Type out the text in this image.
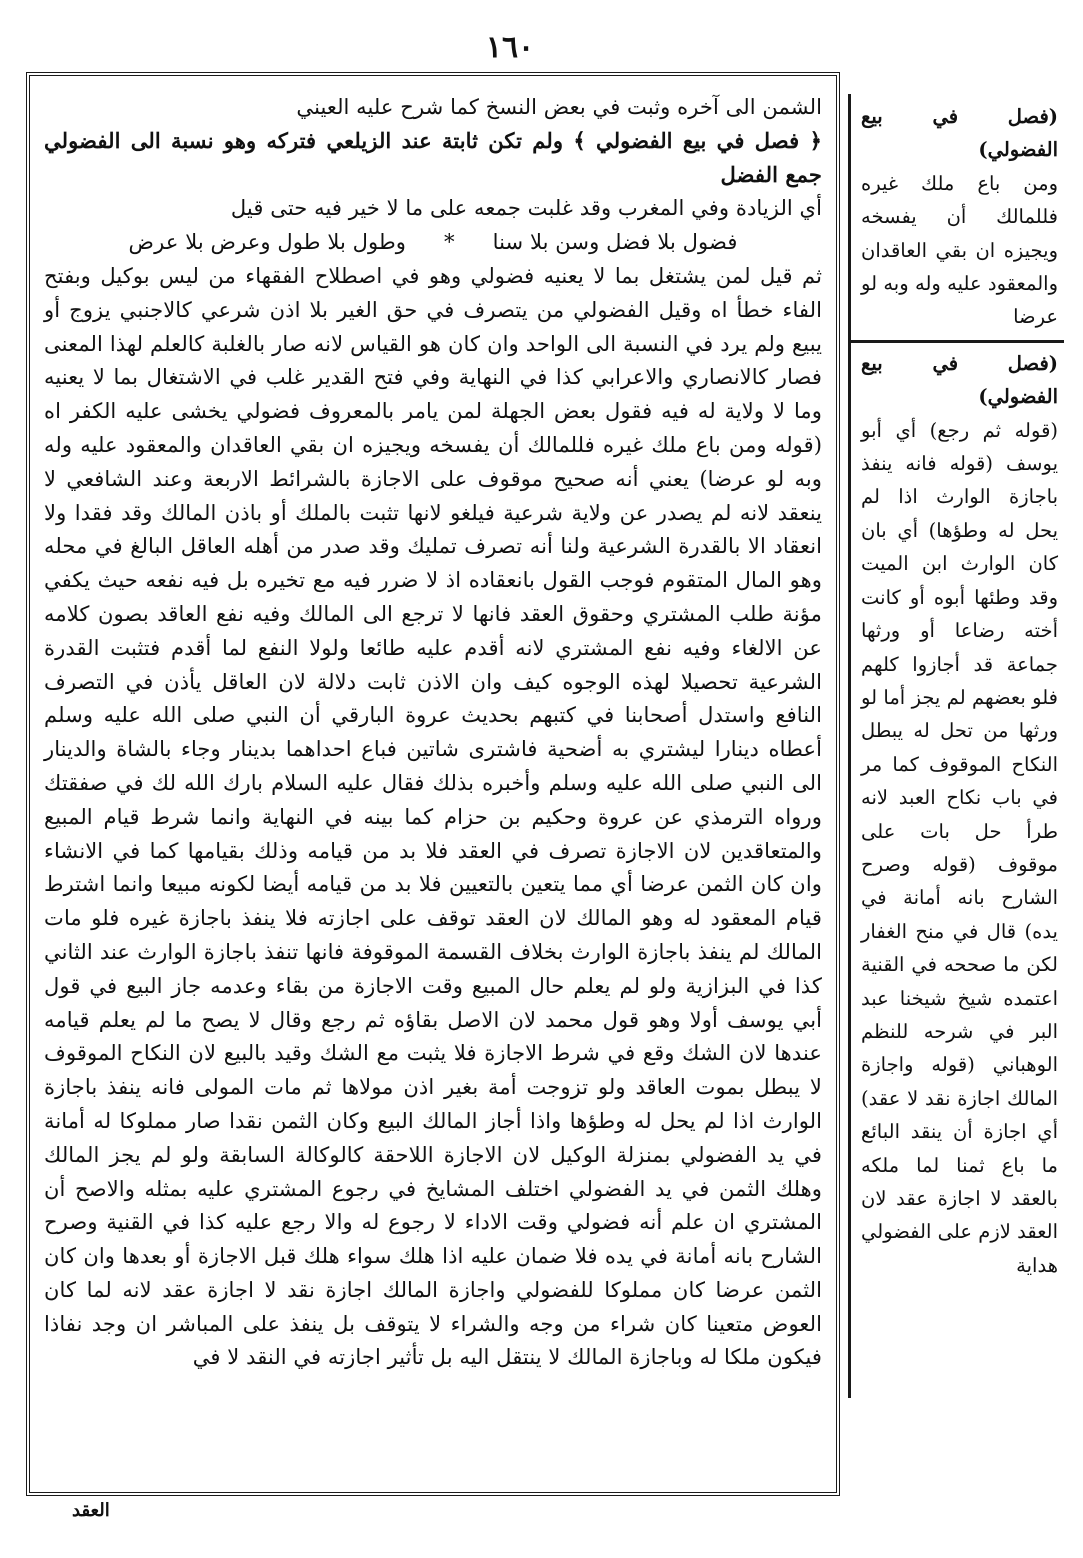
١٦٠

الشمن الى آخره وثبت في بعض النسخ كما شرح عليه العيني

﴿ فصل في بيع الفضولي ﴾ ولم تكن ثابتة عند الزيلعي فتركه وهو نسبة الى الفضولي جمع الفضل

أي الزيادة وفي المغرب وقد غلبت جمعه على ما لا خير فيه حتى قيل

فضول بلا فضل وسن بلا سنا
*
وطول بلا طول وعرض بلا عرض

ثم قيل لمن يشتغل بما لا يعنيه فضولي وهو في اصطلاح الفقهاء من ليس بوكيل وبفتح الفاء خطأ اه وقيل الفضولي من يتصرف في حق الغير بلا اذن شرعي كالاجنبي يزوج أو يبيع ولم يرد في النسبة الى الواحد وان كان هو القياس لانه صار بالغلبة كالعلم لهذا المعنى فصار كالانصاري والاعرابي كذا في النهاية وفي فتح القدير غلب في الاشتغال بما لا يعنيه وما لا ولاية له فيه فقول بعض الجهلة لمن يامر بالمعروف فضولي يخشى عليه الكفر اه (قوله ومن باع ملك غيره فللمالك أن يفسخه ويجيزه ان بقي العاقدان والمعقود عليه وله وبه لو عرضا) يعني أنه صحيح موقوف على الاجازة بالشرائط الاربعة وعند الشافعي لا ينعقد لانه لم يصدر عن ولاية شرعية فيلغو لانها تثبت بالملك أو باذن المالك وقد فقدا ولا انعقاد الا بالقدرة الشرعية ولنا أنه تصرف تمليك وقد صدر من أهله العاقل البالغ في محله وهو المال المتقوم فوجب القول بانعقاده اذ لا ضرر فيه مع تخيره بل فيه نفعه حيث يكفي مؤنة طلب المشتري وحقوق العقد فانها لا ترجع الى المالك وفيه نفع العاقد بصون كلامه عن الالغاء وفيه نفع المشتري لانه أقدم عليه طائعا ولولا النفع لما أقدم فتثبت القدرة الشرعية تحصيلا لهذه الوجوه كيف وان الاذن ثابت دلالة لان العاقل يأذن في التصرف النافع واستدل أصحابنا في كتبهم بحديث عروة البارقي أن النبي صلى الله عليه وسلم أعطاه دينارا ليشتري به أضحية فاشترى شاتين فباع احداهما بدينار وجاء بالشاة والدينار الى النبي صلى الله عليه وسلم وأخبره بذلك فقال عليه السلام بارك الله لك في صفقتك ورواه الترمذي عن عروة وحكيم بن حزام كما بينه في النهاية وانما شرط قيام المبيع والمتعاقدين لان الاجازة تصرف في العقد فلا بد من قيامه وذلك بقيامها كما في الانشاء وان كان الثمن عرضا أي مما يتعين بالتعيين فلا بد من قيامه أيضا لكونه مبيعا وانما اشترط قيام المعقود له وهو المالك لان العقد توقف على اجازته فلا ينفذ باجازة غيره فلو مات المالك لم ينفذ باجازة الوارث بخلاف القسمة الموقوفة فانها تنفذ باجازة الوارث عند الثاني كذا في البزازية ولو لم يعلم حال المبيع وقت الاجازة من بقاء وعدمه جاز البيع في قول أبي يوسف أولا وهو قول محمد لان الاصل بقاؤه ثم رجع وقال لا يصح ما لم يعلم قيامه عندها لان الشك وقع في شرط الاجازة فلا يثبت مع الشك وقيد بالبيع لان النكاح الموقوف لا يبطل بموت العاقد ولو تزوجت أمة بغير اذن مولاها ثم مات المولى فانه ينفذ باجازة الوارث اذا لم يحل له وطؤها واذا أجاز المالك البيع وكان الثمن نقدا صار مملوكا له أمانة في يد الفضولي بمنزلة الوكيل لان الاجازة اللاحقة كالوكالة السابقة ولو لم يجز المالك وهلك الثمن في يد الفضولي اختلف المشايخ في رجوع المشتري عليه بمثله والاصح أن المشتري ان علم أنه فضولي وقت الاداء لا رجوع له والا رجع عليه كذا في القنية وصرح الشارح بانه أمانة في يده فلا ضمان عليه اذا هلك سواء هلك قبل الاجازة أو بعدها وان كان الثمن عرضا كان مملوكا للفضولي واجازة المالك اجازة نقد لا اجازة عقد لانه لما كان العوض متعينا كان شراء من وجه والشراء لا يتوقف بل ينفذ على المباشر ان وجد نفاذا فيكون ملكا له وباجازة المالك لا ينتقل اليه بل تأثير اجازته في النقد لا في

(فصل في بيع الفضولي)
ومن باع ملك غيره فللمالك أن يفسخه ويجيزه ان بقي العاقدان والمعقود عليه وله وبه لو عرضا
(فصل في بيع الفضولي)
(قوله ثم رجع) أي أبو يوسف (قوله فانه ينفذ باجازة الوارث اذا لم يحل له وطؤها) أي بان كان الوارث ابن الميت وقد وطئها أبوه أو كانت أخته رضاعا أو ورثها جماعة قد أجازوا كلهم فلو بعضهم لم يجز أما لو ورثها من تحل له يبطل النكاح الموقوف كما مر في باب نكاح العبد لانه طرأ حل بات على موقوف (قوله وصرح الشارح بانه أمانة في يده) قال في منح الغفار لكن ما صححه في القنية اعتمده شيخ شيخنا عبد البر في شرحه للنظم الوهباني (قوله واجازة المالك اجازة نقد لا عقد) أي اجازة أن ينقد البائع ما باع ثمنا لما ملكه بالعقد لا اجازة عقد لان العقد لازم على الفضولي هداية
العقد
